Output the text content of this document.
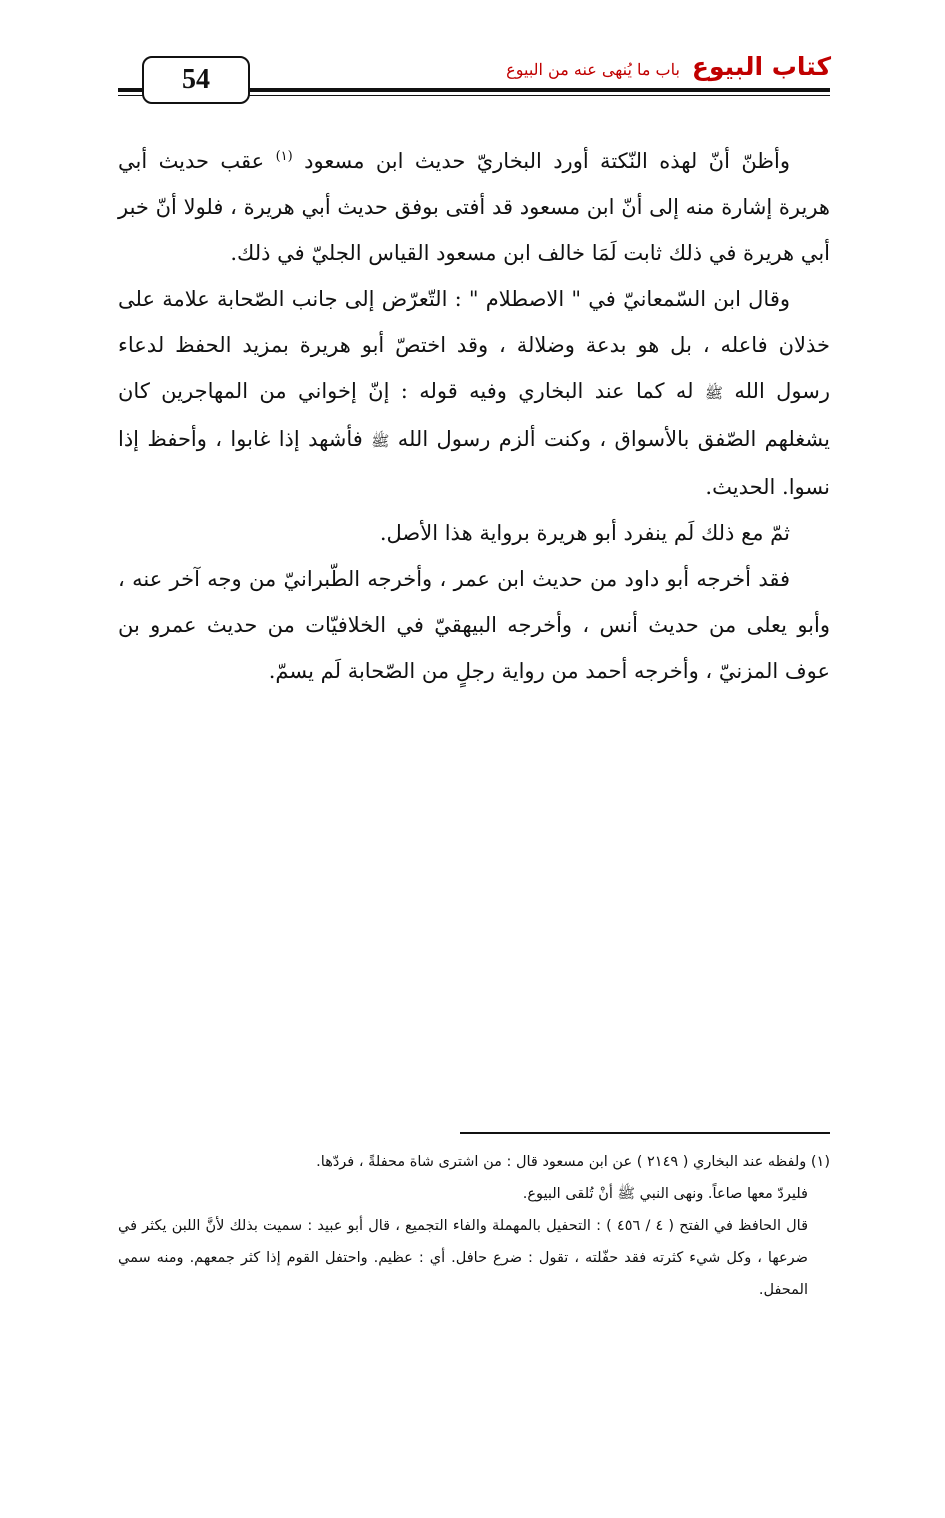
54	كتاب البيوع
باب ما يُنهى عنه من البيوع

وأظنّ أنّ لهذه النّكتة أورد البخاريّ حديث ابن مسعود $^{(١)}$ عقب حديث أبي هريرة إشارة منه إلى أنّ ابن مسعود قد أفتى بوفق حديث أبي هريرة ، فلولا أنّ خبر أبي هريرة في ذلك ثابت لَمَا خالف ابن مسعود القياس الجليّ في ذلك.

وقال ابن السّمعانيّ في " الاصطلام " : التّعرّض إلى جانب الصّحابة علامة على خذلان فاعله ، بل هو بدعة وضلالة ، وقد اختصّ أبو هريرة بمزيد الحفظ لدعاء رسول الله ﷺ له كما عند البخاري وفيه قوله : إنّ إخواني من المهاجرين كان يشغلهم الصّفق بالأسواق ، وكنت ألزم رسول الله ﷺ فأشهد إذا غابوا ، وأحفظ إذا نسوا. الحديث.

ثمّ مع ذلك لَم ينفرد أبو هريرة برواية هذا الأصل.

فقد أخرجه أبو داود من حديث ابن عمر ، وأخرجه الطّبرانيّ من وجه آخر عنه ، وأبو يعلى من حديث أنس ، وأخرجه البيهقيّ في الخلافيّات من حديث عمرو بن عوف المزنيّ ، وأخرجه أحمد من رواية رجلٍ من الصّحابة لَم يسمّ.

(١) ولفظه عند البخاري ( ٢١٤٩ ) عن ابن مسعود قال : من اشترى شاة محفلةً ، فردّها.

فليردّ معها صاعاً. ونهى النبي ﷺ أنْ تُلقى البيوع.

قال الحافظ في الفتح ( ٤ / ٤٥٦ ) : التحفيل بالمهملة والفاء التجميع ، قال أبو عبيد : سميت بذلك لأنَّ اللبن يكثر في ضرعها ، وكل شيء كثرته فقد حفّلته ، تقول : ضرع حافل. أي : عظيم. واحتفل القوم إذا كثر جمعهم. ومنه سمي المحفل.
